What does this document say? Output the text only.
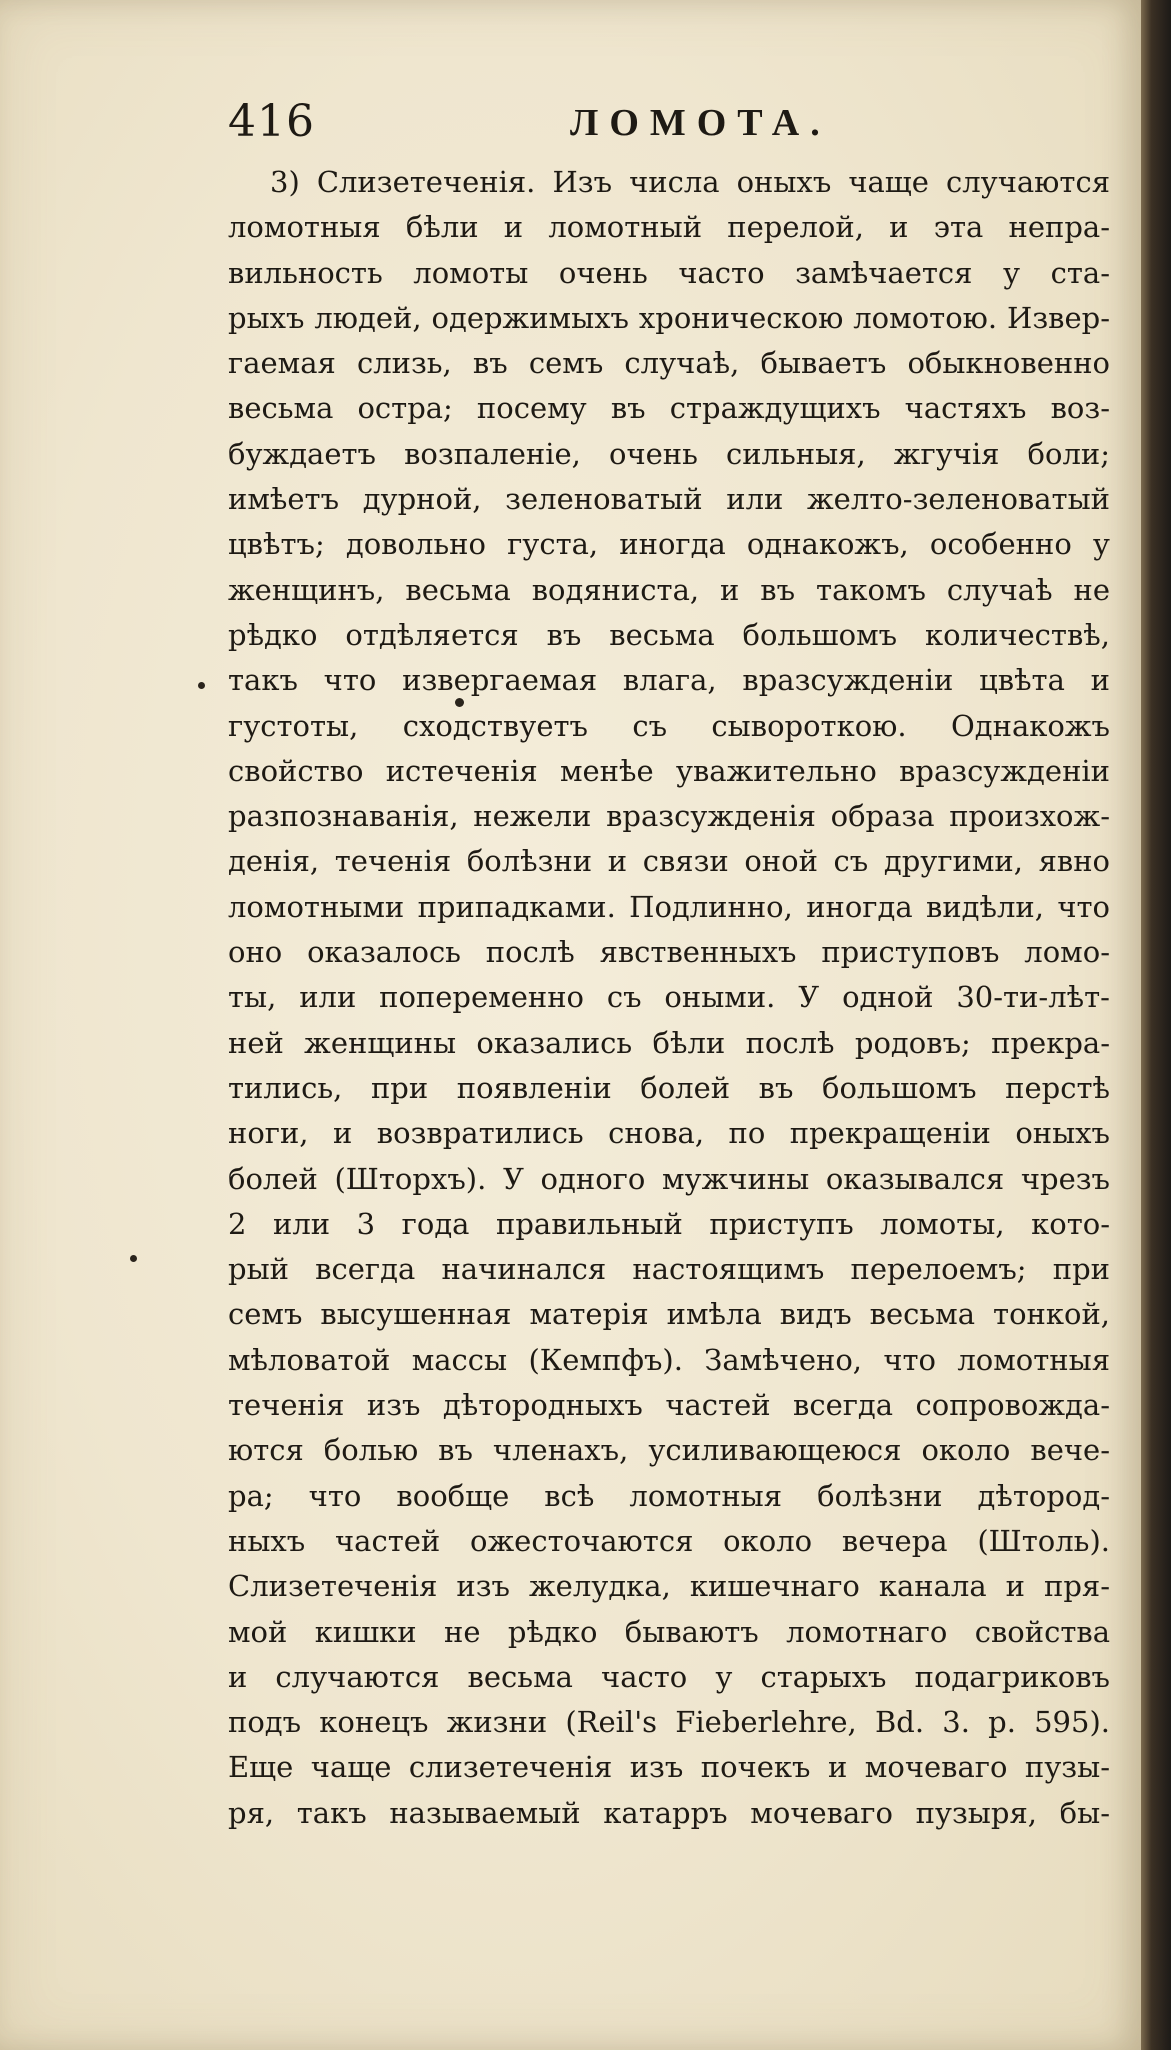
416	ЛОМОТА.
3) Слизетеченія. Изъ числа оныхъ чаще случаются
ломотныя бѣли и ломотный перелой, и эта непра-
вильность ломоты очень часто замѣчается у ста-
рыхъ людей, одержимыхъ хроническою ломотою. Извер-
гаемая слизь, въ семъ случаѣ, бываетъ обыкновенно
весьма остра; посему въ страждущихъ частяхъ воз-
буждаетъ возпаленіе, очень сильныя, жгучія боли;
имѣетъ дурной, зеленоватый или желто-зеленоватый
цвѣтъ; довольно густа, иногда однакожъ, особенно у
женщинъ, весьма водяниста, и въ такомъ случаѣ не
рѣдко отдѣляется въ весьма большомъ количествѣ,
такъ что извергаемая влага, вразсужденіи цвѣта и
густоты, сходствуетъ съ сывороткою. Однакожъ
свойство истеченія менѣе уважительно вразсужденіи
разпознаванія, нежели вразсужденія образа произхож-
денія, теченія болѣзни и связи оной съ другими, явно
ломотными припадками. Подлинно, иногда видѣли, что
оно оказалось послѣ явственныхъ приступовъ ломо-
ты, или попеременно съ оными. У одной 30-ти-лѣт-
ней женщины оказались бѣли послѣ родовъ; прекра-
тились, при появленіи болей въ большомъ перстѣ
ноги, и возвратились снова, по прекращеніи оныхъ
болей (Шторхъ). У одного мужчины оказывался чрезъ
2 или 3 года правильный приступъ ломоты, кото-
рый всегда начинался настоящимъ перелоемъ; при
семъ высушенная матерія имѣла видъ весьма тонкой,
мѣловатой массы (Кемпфъ). Замѣчено, что ломотныя
теченія изъ дѣтородныхъ частей всегда сопровожда-
ются болью въ членахъ, усиливающеюся около вече-
ра; что вообще всѣ ломотныя болѣзни дѣтород-
ныхъ частей ожесточаются около вечера (Штоль).
Слизетеченія изъ желудка, кишечнаго канала и пря-
мой кишки не рѣдко бываютъ ломотнаго свойства
и случаются весьма часто у старыхъ подагриковъ
подъ конецъ жизни (Reil's Fieberlehre, Bd. 3. p. 595).
Еще чаще слизетеченія изъ почекъ и мочеваго пузы-
ря, такъ называемый катарръ мочеваго пузыря, бы-
